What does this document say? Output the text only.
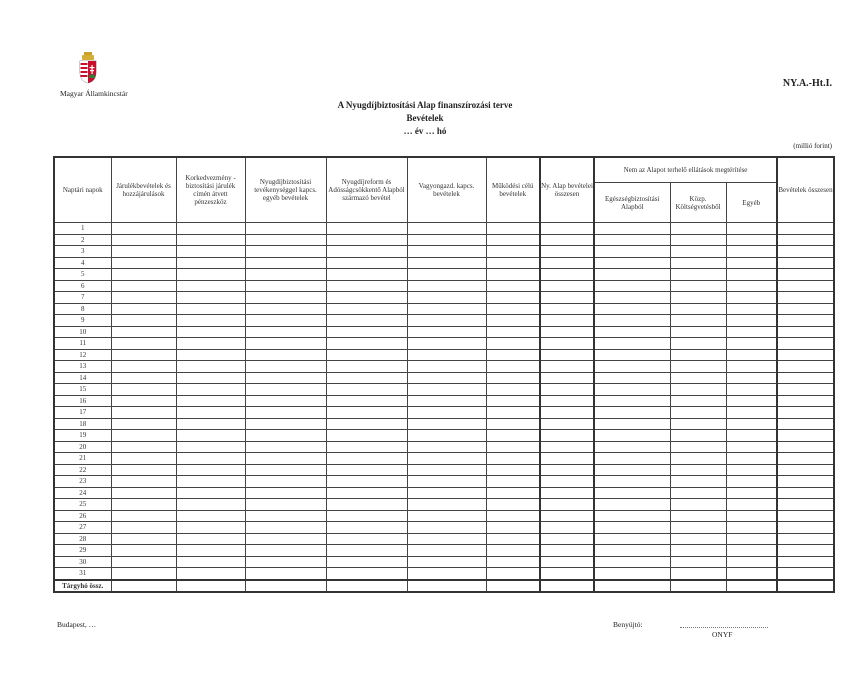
Magyar Államkincstár
NY.A.-Ht.I.
A Nyugdíjbiztosítási Alap finanszírozási terve
Bevételek
… év … hó
(millió forint)
Naptári napok	Járulékbevételek és hozzájárulások	Korkedvezmény - biztosítási járulék címén átvett pénzeszköz	Nyugdíjbiztosítási tevékenységgel kapcs. egyéb bevételek	Nyugdíjreform és Adósságcsökkentő Alapból származó bevétel	Vagyongazd. kapcs. bevételek	Működési célú bevételek	Ny. Alap bevételei összesen	Nem az Alapot terhelő ellátások megtérítése			Bevételek összesen
								Egészségbiztosítási Alapból	Közp. Költségvetésből	Egyéb	
1											
2											
3											
4											
5											
6											
7											
8											
9											
10											
11											
12											
13											
14											
15											
16											
17											
18											
19											
20											
21											
22											
23											
24											
25											
26											
27											
28											
29											
30											
31											
Tárgyhó össz.											
Budapest, …	Benyújtó:
ONYF
